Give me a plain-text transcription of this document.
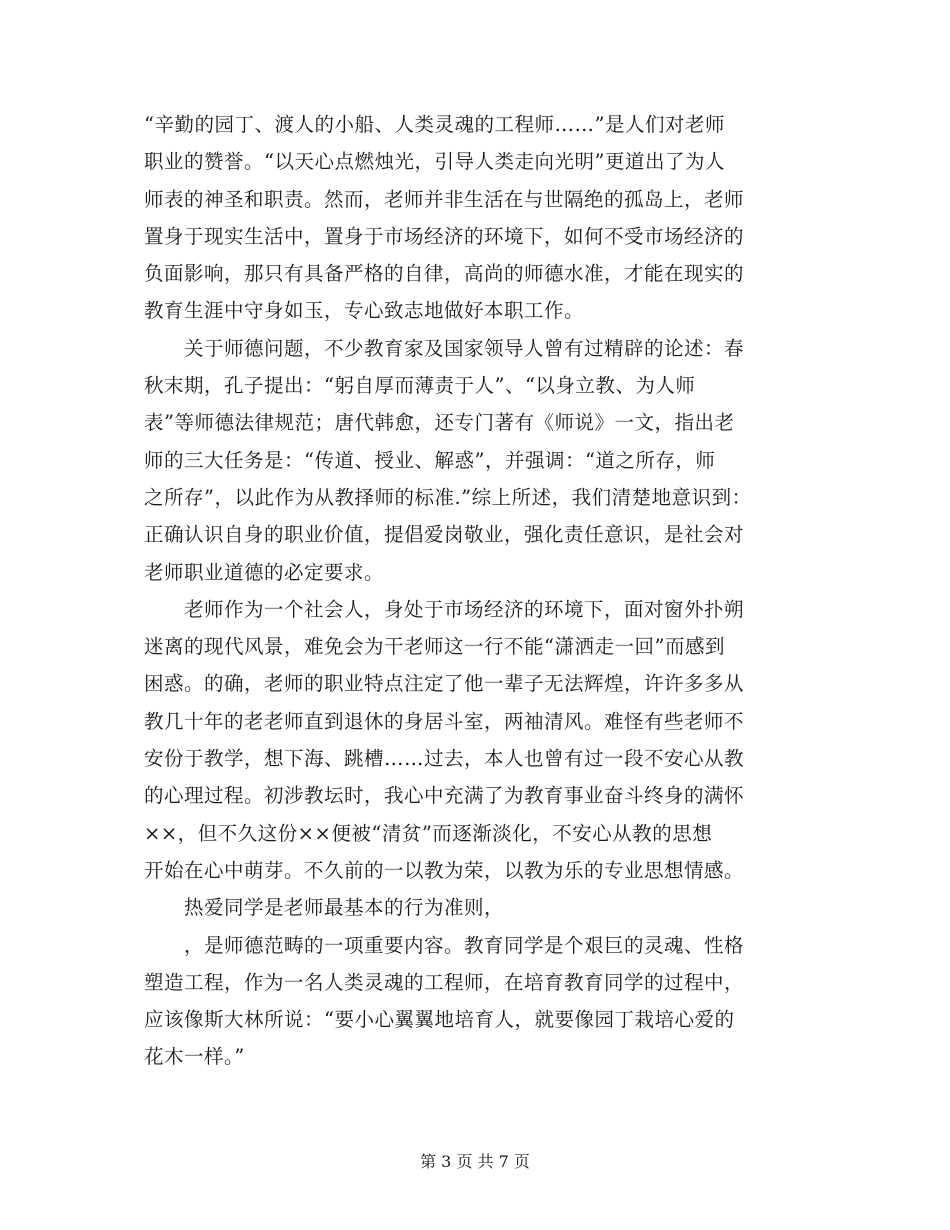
“辛勤的园丁、渡人的小船、人类灵魂的工程师……”是人们对老师
职业的赞誉。“以天心点燃烛光，引导人类走向光明”更道出了为人
师表的神圣和职责。然而，老师并非生活在与世隔绝的孤岛上，老师
置身于现实生活中，置身于市场经济的环境下，如何不受市场经济的
负面影响，那只有具备严格的自律，高尚的师德水准，才能在现实的
教育生涯中守身如玉，专心致志地做好本职工作。
　　关于师德问题，不少教育家及国家领导人曾有过精辟的论述：春
秋末期，孔子提出：“躬自厚而薄责于人”、“以身立教、为人师
表”等师德法律规范；唐代韩愈，还专门著有《师说》一文，指出老
师的三大任务是：“传道、授业、解惑”，并强调：“道之所存，师
之所存”，以此作为从教择师的标准.”综上所述，我们清楚地意识到：
正确认识自身的职业价值，提倡爱岗敬业，强化责任意识，是社会对
老师职业道德的必定要求。
　　老师作为一个社会人，身处于市场经济的环境下，面对窗外扑朔
迷离的现代风景，难免会为干老师这一行不能“潇洒走一回”而感到
困惑。的确，老师的职业特点注定了他一辈子无法辉煌，许许多多从
教几十年的老老师直到退休的身居斗室，两袖清风。难怪有些老师不
安份于教学，想下海、跳槽……过去，本人也曾有过一段不安心从教
的心理过程。初涉教坛时，我心中充满了为教育事业奋斗终身的满怀
××，但不久这份××便被“清贫”而逐渐淡化，不安心从教的思想
开始在心中萌芽。不久前的一以教为荣，以教为乐的专业思想情感。
　　热爱同学是老师最基本的行为准则，
　　，是师德范畴的一项重要内容。教育同学是个艰巨的灵魂、性格
塑造工程，作为一名人类灵魂的工程师，在培育教育同学的过程中，
应该像斯大林所说：“要小心翼翼地培育人，就要像园丁栽培心爱的
花木一样。”
第 3 页 共 7 页
